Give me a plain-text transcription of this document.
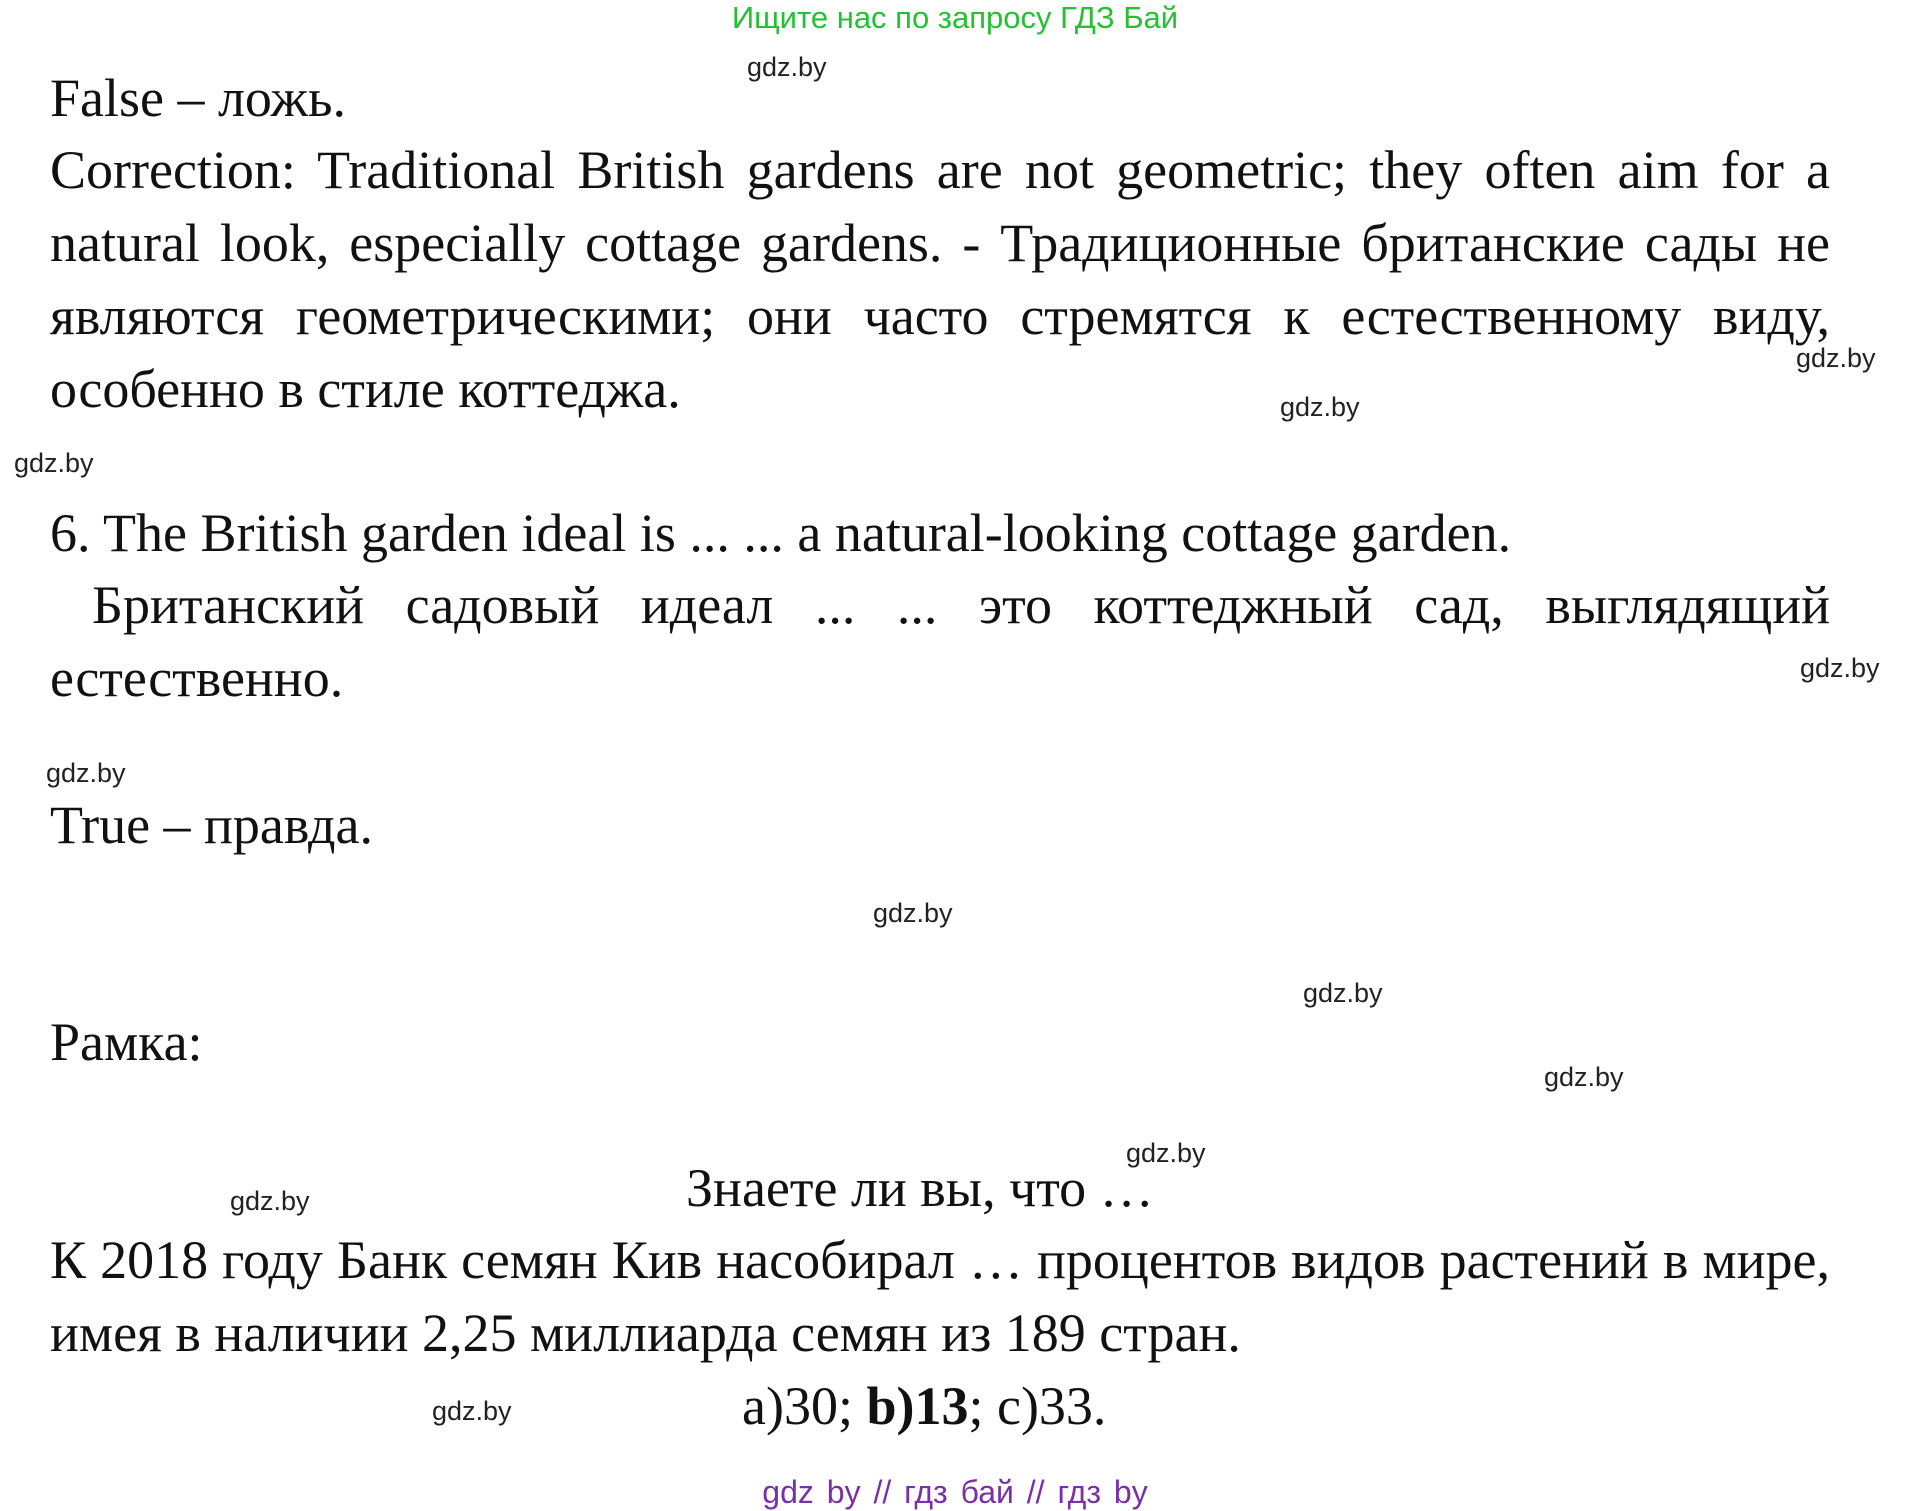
Ищите нас по запросу ГДЗ Бай
gdz.by
gdz.by
gdz.by
gdz.by
gdz.by
gdz.by
gdz.by
gdz.by
gdz.by
gdz.by
gdz.by
gdz.by

False – ложь.

Correction: Traditional British gardens are not geometric; they often aim for a natural look, especially cottage gardens. - Традиционные британские сады не являются геометрическими; они часто стремятся к естественному виду, особенно в стиле коттеджа.

6. The British garden ideal is ... ... a natural-looking cottage garden.

Британский садовый идеал ... ... это коттеджный сад, выглядящий естественно.

True – правда.

Рамка:

Знаете ли вы, что …

К 2018 году Банк семян Кив насобирал … процентов видов растений в мире, имея в наличии 2,25 миллиарда семян из 189 стран.

a)30; b)13; c)33.
gdz by // гдз бай // гдз by
